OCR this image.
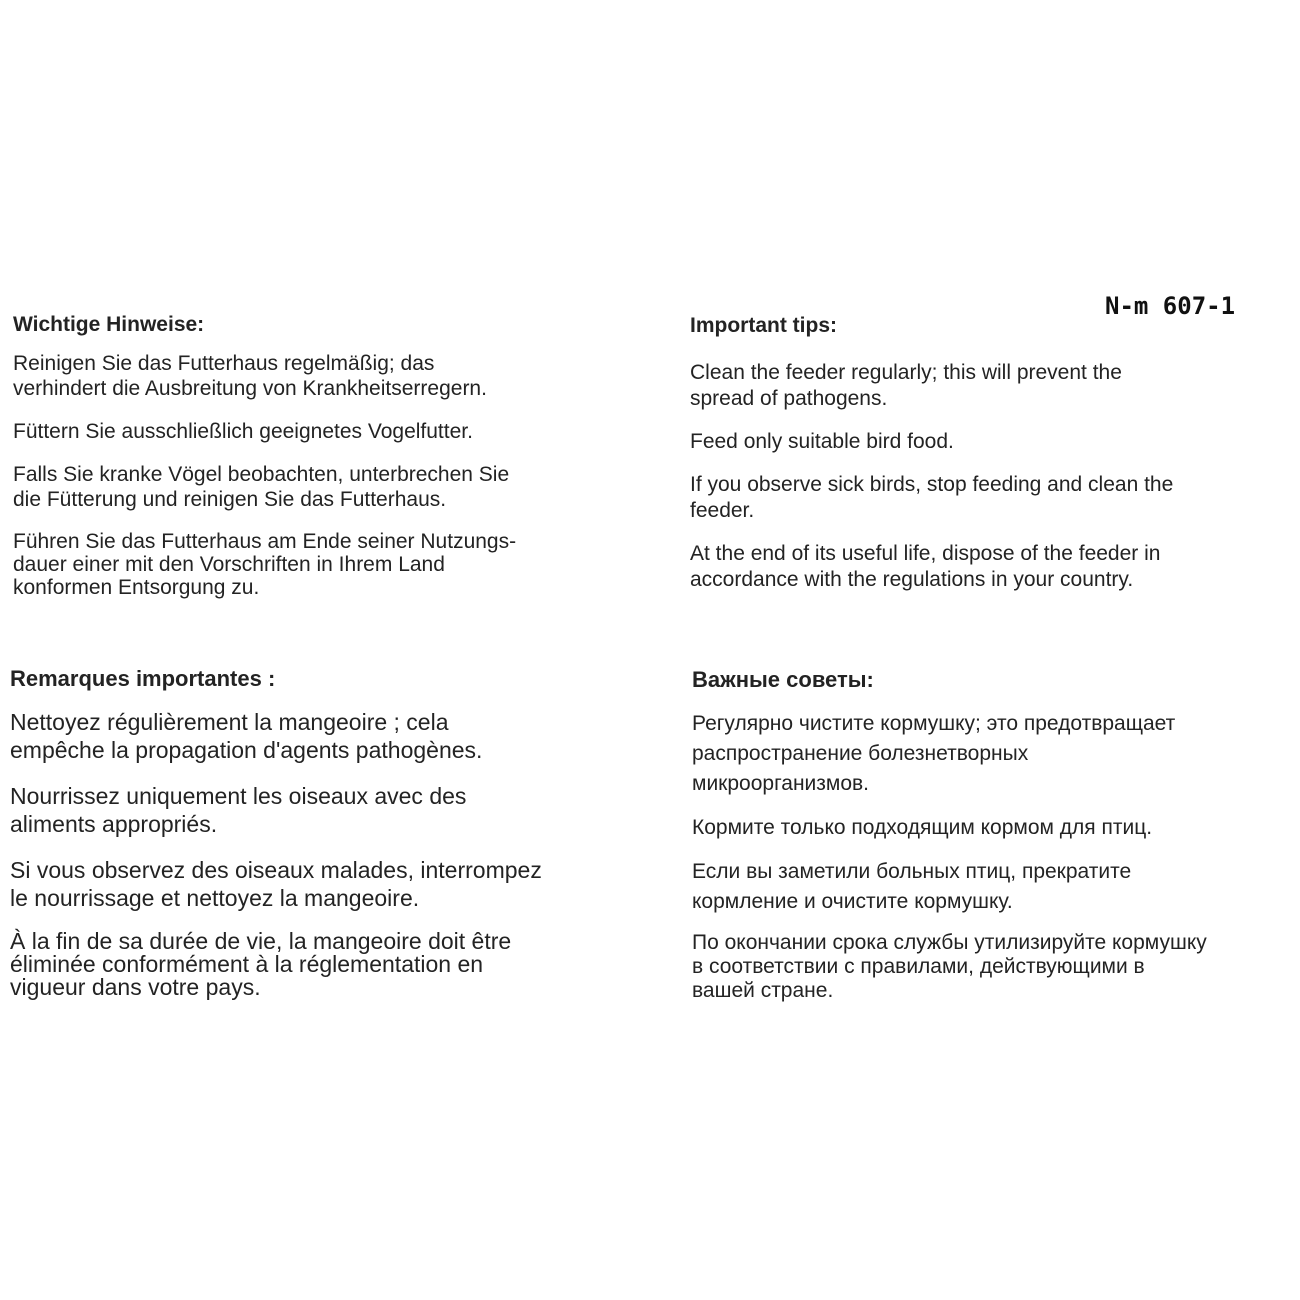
N-m 607-1
Wichtige Hinweise:

Reinigen Sie das Futterhaus regelmäßig; das
verhindert die Ausbreitung von Krankheitserregern.

Füttern Sie ausschließlich geeignetes Vogelfutter.

Falls Sie kranke Vögel beobachten, unterbrechen Sie
die Fütterung und reinigen Sie das Futterhaus.

Führen Sie das Futterhaus am Ende seiner Nutzungs-
dauer einer mit den Vorschriften in Ihrem Land
konformen Entsorgung zu.

Important tips:

Clean the feeder regularly; this will prevent the
spread of pathogens.

Feed only suitable bird food.

If you observe sick birds, stop feeding and clean the
feeder.

At the end of its useful life, dispose of the feeder in
accordance with the regulations in your country.

Remarques importantes :

Nettoyez régulièrement la mangeoire ; cela
empêche la propagation d'agents pathogènes.

Nourrissez uniquement les oiseaux avec des
aliments appropriés.

Si vous observez des oiseaux malades, interrompez
le nourrissage et nettoyez la mangeoire.

À la fin de sa durée de vie, la mangeoire doit être
éliminée conformément à la réglementation en
vigueur dans votre pays.

Важные советы:

Регулярно чистите кормушку; это предотвращает
распространение болезнетворных
микроорганизмов.

Кормите только подходящим кормом для птиц.

Если вы заметили больных птиц, прекратите
кормление и очистите кормушку.

По окончании срока службы утилизируйте кормушку
в соответствии с правилами, действующими в
вашей стране.
